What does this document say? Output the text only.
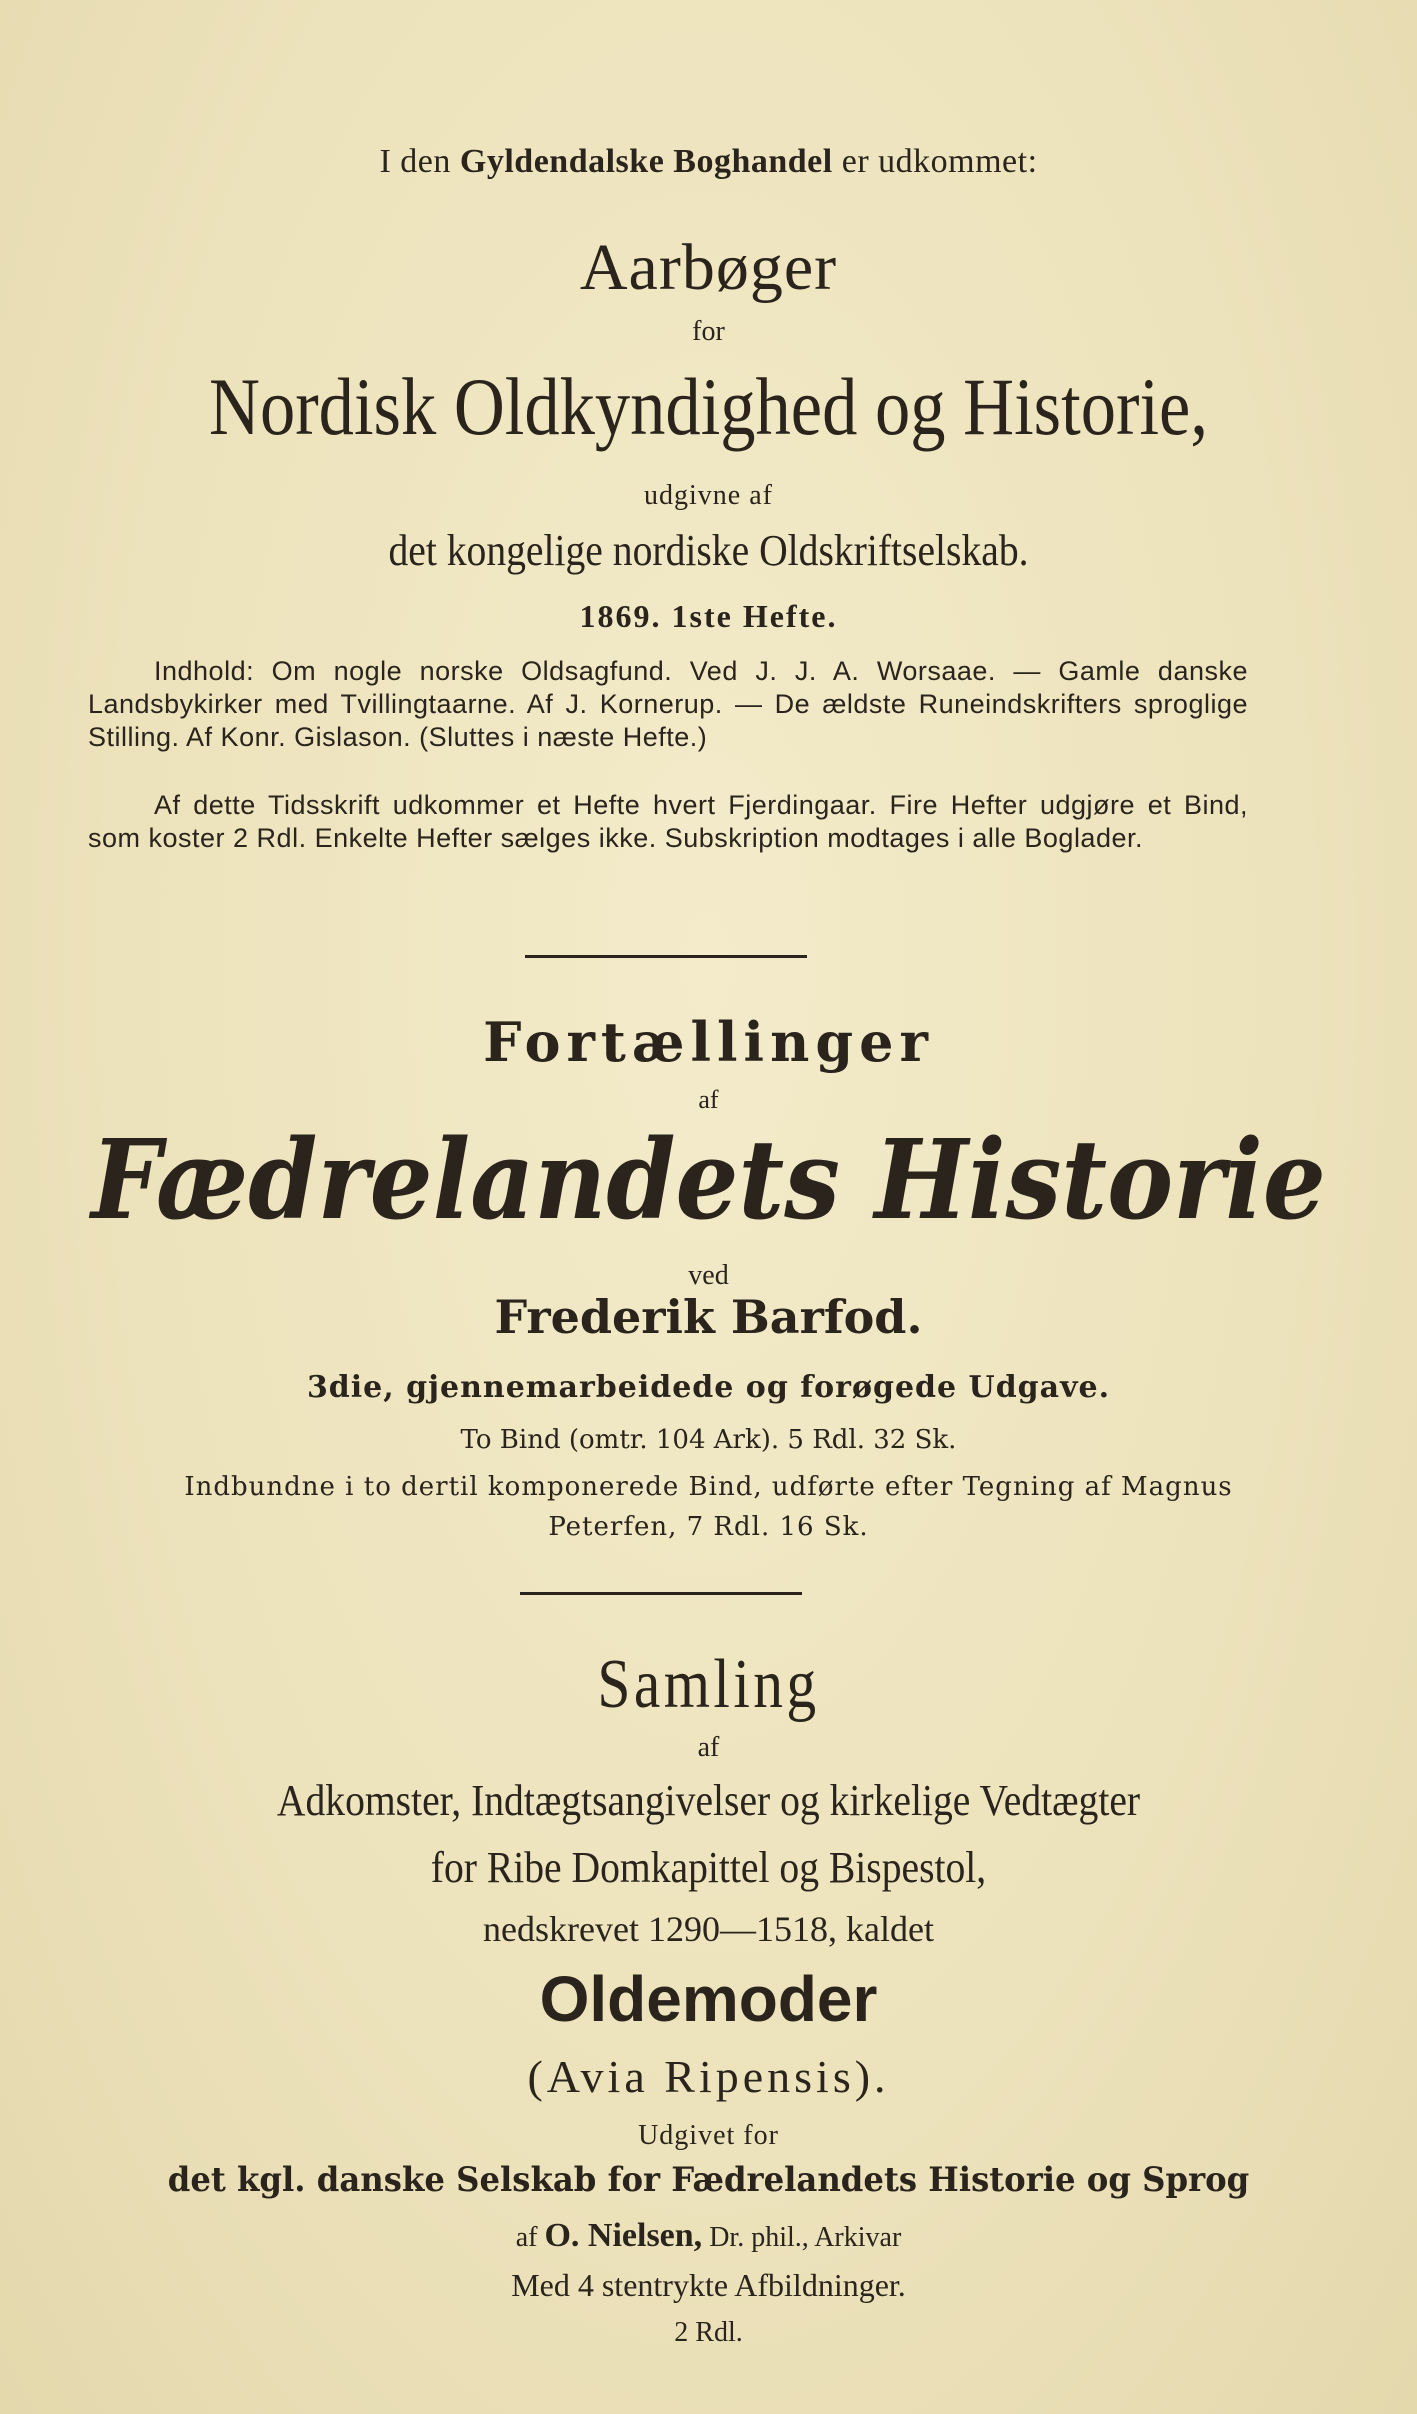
I den Gyldendalske Boghandel er udkommet:
Aarbøger
for
Nordisk Oldkyndighed og Historie,
udgivne af
det kongelige nordiske Oldskriftselskab.
1869. 1ste Hefte.
Indhold: Om nogle norske Oldsagfund. Ved J. J. A. Worsaae. — Gamle danske Landsbykirker med Tvillingtaarne. Af J. Kornerup. — De ældste Runeindskrifters sproglige Stilling. Af Konr. Gislason. (Sluttes i næste Hefte.)
Af dette Tidsskrift udkommer et Hefte hvert Fjerdingaar. Fire Hefter udgjøre et Bind, som koster 2 Rdl. Enkelte Hefter sælges ikke. Subskription modtages i alle Boglader.
Fortællinger
af
Fædrelandets Historie
ved
Frederik Barfod.
3die, gjennemarbeidede og forøgede Udgave.
To Bind (omtr. 104 Ark). 5 Rdl. 32 Sk.
Indbundne i to dertil komponerede Bind, udførte efter Tegning af Magnus
Peterfen, 7 Rdl. 16 Sk.
Samling
af
Adkomster, Indtægtsangivelser og kirkelige Vedtægter
for Ribe Domkapittel og Bispestol,
nedskrevet 1290—1518, kaldet
Oldemoder
(Avia Ripensis).
Udgivet for
det kgl. danske Selskab for Fædrelandets Historie og Sprog
af O. Nielsen, Dr. phil., Arkivar
Med 4 stentrykte Afbildninger.
2 Rdl.
